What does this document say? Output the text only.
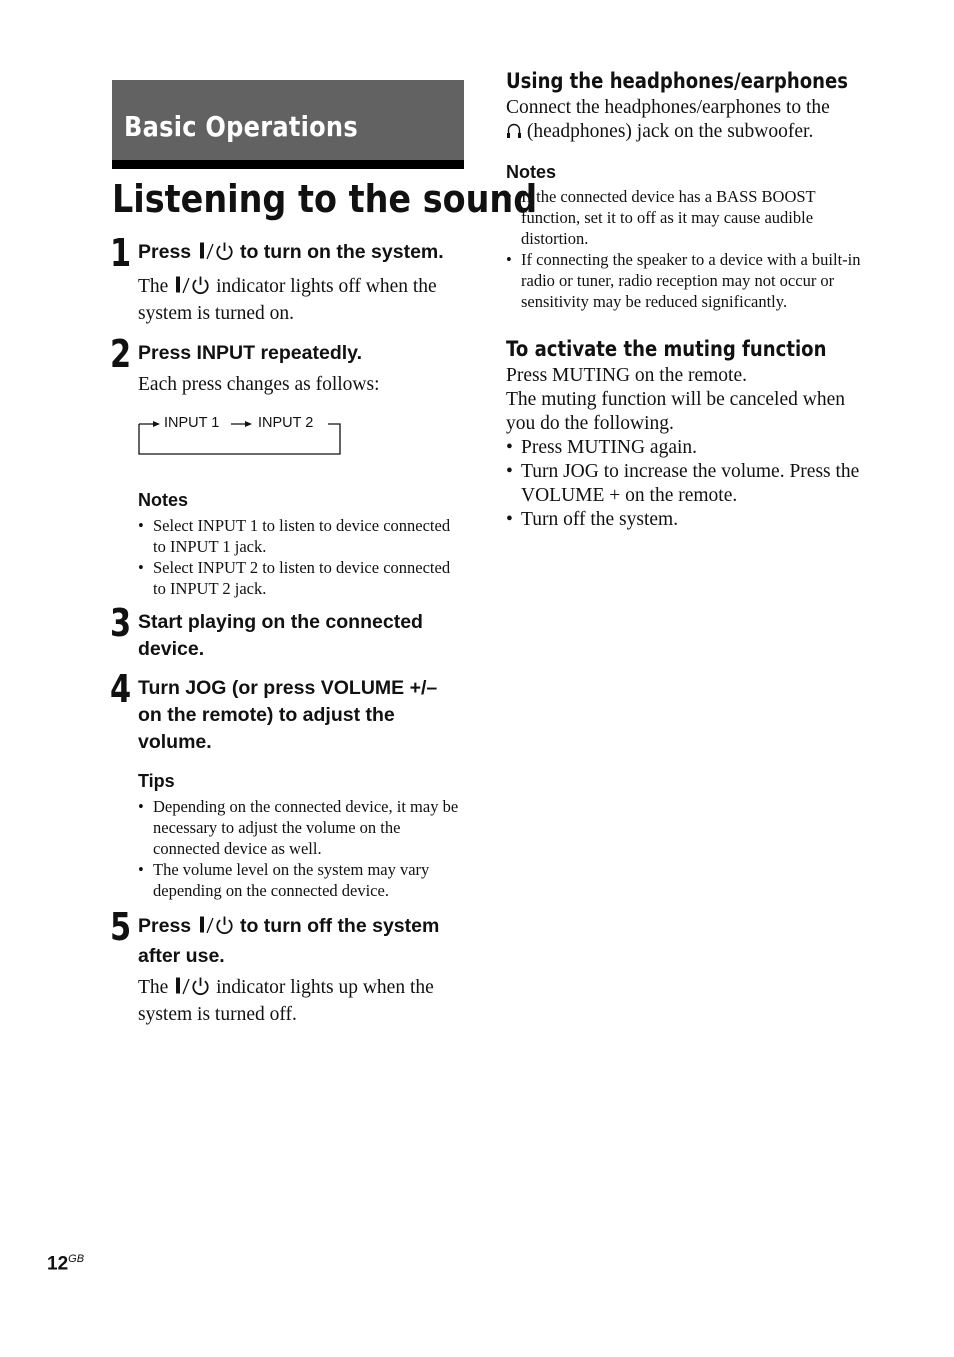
Basic Operations
Listening to the sound
1 Press  to turn on the system.

The  indicator lights off when the system is turned on.

2 Press INPUT repeatedly.

Each press changes as follows:

INPUT 1	INPUT 2

Notes

• Select INPUT 1 to listen to device connected to INPUT 1 jack.
• Select INPUT 2 to listen to device connected to INPUT 2 jack.
3 Start playing on the connected device.

4 Turn JOG (or press VOLUME +/– on the remote) to adjust the volume.

Tips

• Depending on the connected device, it may be necessary to adjust the volume on the connected device as well.
• The volume level on the system may vary depending on the connected device.
5 Press  to turn off the system after use.

The  indicator lights up when the system is turned off.

Using the headphones/earphones

Connect the headphones/earphones to the

(headphones) jack on the subwoofer.

Notes

• If the connected device has a BASS BOOST function, set it to off as it may cause audible distortion.
• If connecting the speaker to a device with a built-in radio or tuner, radio reception may not occur or sensitivity may be reduced significantly.
To activate the muting function

Press MUTING on the remote.

The muting function will be canceled when you do the following.

• Press MUTING again.
• Turn JOG to increase the volume. Press the VOLUME + on the remote.
• Turn off the system.
$12^{GB}$
